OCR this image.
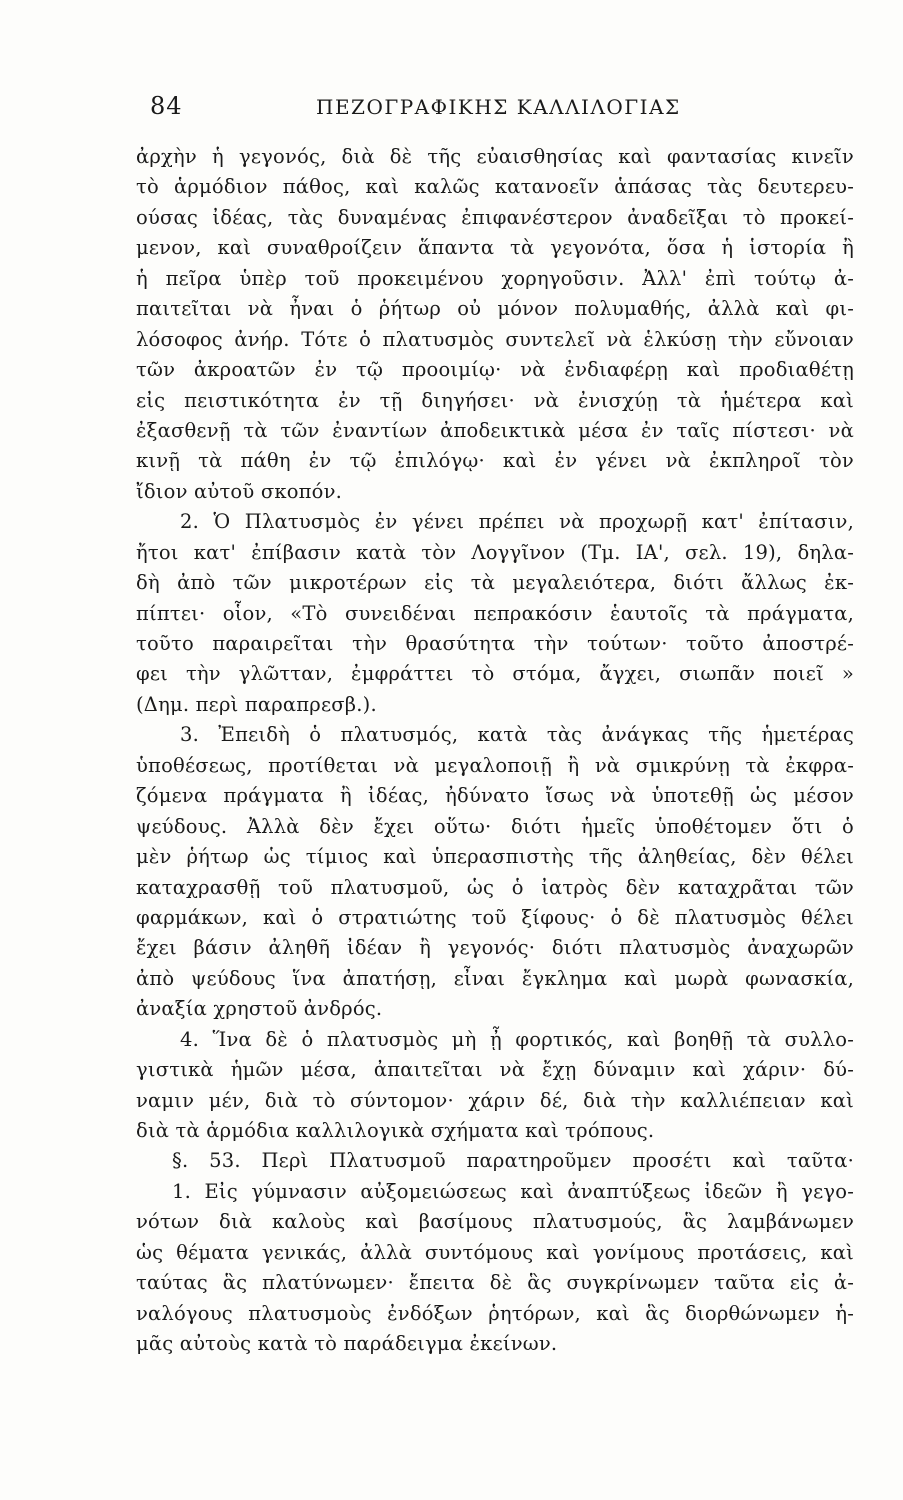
84	ΠΕΖΟΓΡΑΦΙΚΗΣ ΚΑΛΛΙΛΟΓΙΑΣ
ἀρχὴν ἡ γεγονός, διὰ δὲ τῆς εὐαισθησίας καὶ φαντασίας κινεῖν
τὸ ἁρμόδιον πάθος, καὶ καλῶς κατανοεῖν ἁπάσας τὰς δευτερευ-
ούσας ἰδέας, τὰς δυναμένας ἐπιφανέστερον ἀναδεῖξαι τὸ προκεί-
μενον, καὶ συναθροίζειν ἅπαντα τὰ γεγονότα, ὅσα ἡ ἱστορία ἢ
ἡ πεῖρα ὑπὲρ τοῦ προκειμένου χορηγοῦσιν. Ἀλλ' ἐπὶ τούτῳ ἀ-
παιτεῖται νὰ ἦναι ὁ ῥήτωρ οὐ μόνον πολυμαθής, ἀλλὰ καὶ φι-
λόσοφος ἀνήρ. Τότε ὁ πλατυσμὸς συντελεῖ νὰ ἑλκύσῃ τὴν εὔνοιαν
τῶν ἀκροατῶν ἐν τῷ προοιμίῳ· νὰ ἐνδιαφέρῃ καὶ προδιαθέτῃ
εἰς πειστικότητα ἐν τῇ διηγήσει· νὰ ἐνισχύῃ τὰ ἡμέτερα καὶ
ἐξασθενῇ τὰ τῶν ἐναντίων ἀποδεικτικὰ μέσα ἐν ταῖς πίστεσι· νὰ
κινῇ τὰ πάθη ἐν τῷ ἐπιλόγῳ· καὶ ἐν γένει νὰ ἐκπληροῖ τὸν
ἴδιον αὐτοῦ σκοπόν.
2. Ὁ Πλατυσμὸς ἐν γένει πρέπει νὰ προχωρῇ κατ' ἐπίτασιν,
ἤτοι κατ' ἐπίβασιν κατὰ τὸν Λογγῖνον (Τμ. ΙΑ', σελ. 19), δηλα-
δὴ ἀπὸ τῶν μικροτέρων εἰς τὰ μεγαλειότερα, διότι ἄλλως ἐκ-
πίπτει· οἷον, «Τὸ συνειδέναι πεπρακόσιν ἑαυτοῖς τὰ πράγματα,
τοῦτο παραιρεῖται τὴν θρασύτητα τὴν τούτων· τοῦτο ἀποστρέ-
φει τὴν γλῶτταν, ἐμφράττει τὸ στόμα, ἄγχει, σιωπᾶν ποιεῖ »
(Δημ. περὶ παραπρεσβ.).
3. Ἐπειδὴ ὁ πλατυσμός, κατὰ τὰς ἀνάγκας τῆς ἡμετέρας
ὑποθέσεως, προτίθεται νὰ μεγαλοποιῇ ἢ νὰ σμικρύνῃ τὰ ἐκφρα-
ζόμενα πράγματα ἢ ἰδέας, ἠδύνατο ἴσως νὰ ὑποτεθῇ ὡς μέσον
ψεύδους. Ἀλλὰ δὲν ἔχει οὕτω· διότι ἡμεῖς ὑποθέτομεν ὅτι ὁ
μὲν ῥήτωρ ὡς τίμιος καὶ ὑπερασπιστὴς τῆς ἀληθείας, δὲν θέλει
καταχρασθῇ τοῦ πλατυσμοῦ, ὡς ὁ ἰατρὸς δὲν καταχρᾶται τῶν
φαρμάκων, καὶ ὁ στρατιώτης τοῦ ξίφους· ὁ δὲ πλατυσμὸς θέλει
ἔχει βάσιν ἀληθῆ ἰδέαν ἢ γεγονός· διότι πλατυσμὸς ἀναχωρῶν
ἀπὸ ψεύδους ἵνα ἀπατήσῃ, εἶναι ἔγκλημα καὶ μωρὰ φωνασκία,
ἀναξία χρηστοῦ ἀνδρός.
4. Ἵνα δὲ ὁ πλατυσμὸς μὴ ᾖ φορτικός, καὶ βοηθῇ τὰ συλλο-
γιστικὰ ἡμῶν μέσα, ἀπαιτεῖται νὰ ἔχῃ δύναμιν καὶ χάριν· δύ-
ναμιν μέν, διὰ τὸ σύντομον· χάριν δέ, διὰ τὴν καλλιέπειαν καὶ
διὰ τὰ ἁρμόδια καλλιλογικὰ σχήματα καὶ τρόπους.
§. 53. Περὶ Πλατυσμοῦ παρατηροῦμεν προσέτι καὶ ταῦτα·
1. Εἰς γύμνασιν αὐξομειώσεως καὶ ἀναπτύξεως ἰδεῶν ἢ γεγο-
νότων διὰ καλοὺς καὶ βασίμους πλατυσμούς, ἃς λαμβάνωμεν
ὡς θέματα γενικάς, ἀλλὰ συντόμους καὶ γονίμους προτάσεις, καὶ
ταύτας ἃς πλατύνωμεν· ἔπειτα δὲ ἃς συγκρίνωμεν ταῦτα εἰς ἀ-
ναλόγους πλατυσμοὺς ἐνδόξων ῥητόρων, καὶ ἃς διορθώνωμεν ἡ-
μᾶς αὐτοὺς κατὰ τὸ παράδειγμα ἐκείνων.
